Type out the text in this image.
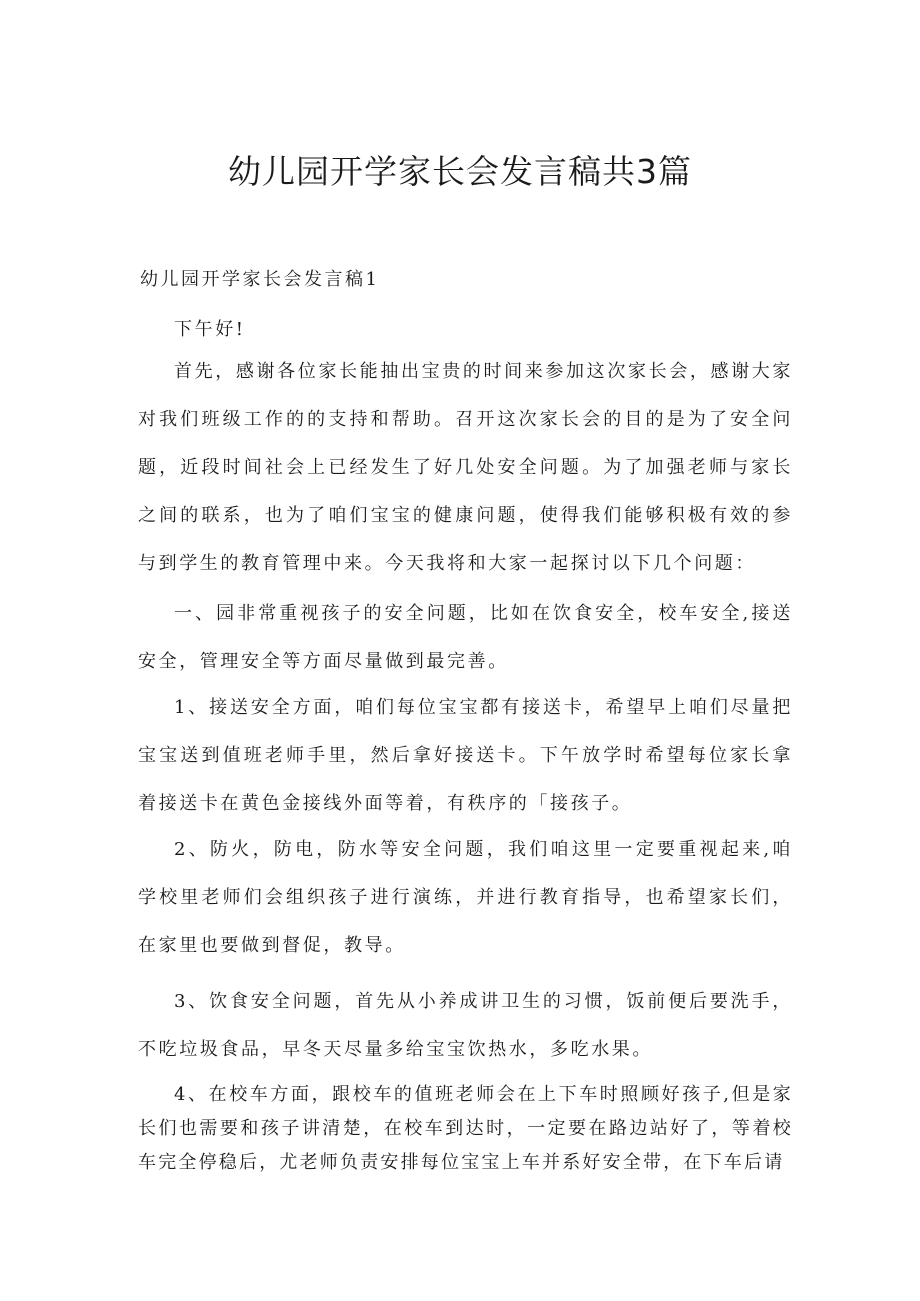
幼儿园开学家长会发言稿共3篇

幼儿园开学家长会发言稿1

下午好!

首先，感谢各位家长能抽出宝贵的时间来参加这次家长会，感谢大家对我们班级工作的的支持和帮助。召开这次家长会的目的是为了安全问题，近段时间社会上已经发生了好几处安全问题。为了加强老师与家长之间的联系，也为了咱们宝宝的健康问题，使得我们能够积极有效的参与到学生的教育管理中来。今天我将和大家一起探讨以下几个问题：

一、园非常重视孩子的安全问题，比如在饮食安全，校车安全,接送安全，管理安全等方面尽量做到最完善。

1、接送安全方面，咱们每位宝宝都有接送卡，希望早上咱们尽量把宝宝送到值班老师手里，然后拿好接送卡。下午放学时希望每位家长拿着接送卡在黄色金接线外面等着，有秩序的「接孩子。

2、防火，防电，防水等安全问题，我们咱这里一定要重视起来,咱学校里老师们会组织孩子进行演练，并进行教育指导，也希望家长们，在家里也要做到督促，教导。

3、饮食安全问题，首先从小养成讲卫生的习惯，饭前便后要洗手，不吃垃圾食品，早冬天尽量多给宝宝饮热水，多吃水果。

4、在校车方面，跟校车的值班老师会在上下车时照顾好孩子,但是家长们也需要和孩子讲清楚，在校车到达时，一定要在路边站好了，等着校车完全停稳后，尤老师负责安排每位宝宝上车并系好安全带，在下车后请
